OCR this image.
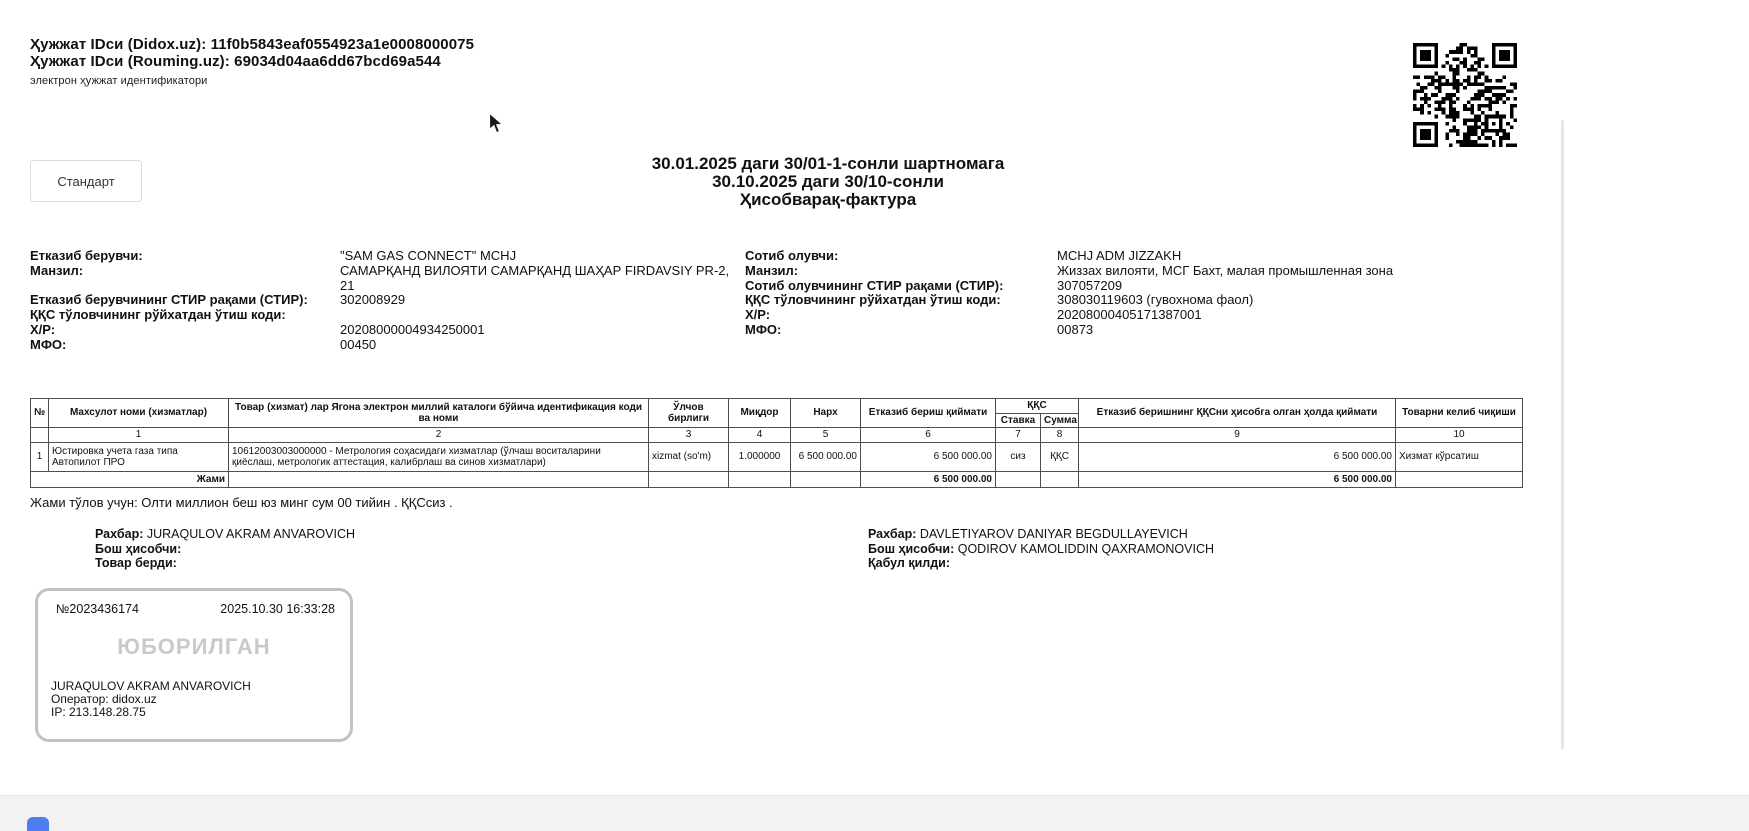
Ҳужжат IDси (Didox.uz): 11f0b5843eaf0554923a1e0008000075
Ҳужжат IDси (Rouming.uz): 69034d04aa6dd67bcd69a544
электрон ҳужжат идентификатори
Стандарт
30.01.2025 даги 30/01-1-сонли шартномага
30.10.2025 даги 30/10-сонли
Ҳисобварақ-фактура
Етказиб берувчи:	"SAM GAS CONNECT" MCHJ
Манзил:	САМАРҚАНД ВИЛОЯТИ САМАРҚАНД ШАҲАР FIRDAVSIY PR-2, 21
Етказиб берувчининг СТИР рақами (СТИР):	302008929
ҚҚС тўловчининг рўйхатдан ўтиш коди:
Х/Р:	20208000004934250001
МФО:	00450
Сотиб олувчи:	MCHJ ADM JIZZAKH
Манзил:	Жиззах вилояти, МСГ Бахт, малая промышленная зона
Сотиб олувчининг СТИР рақами (СТИР):	307057209
ҚҚС тўловчининг рўйхатдан ўтиш коди:	308030119603 (гувохнома фаол)
Х/Р:	20208000405171387001
МФО:	00873
№	Махсулот номи (хизматлар)	Товар (хизмат) лар Ягона электрон миллий каталоги бўйича идентификация коди ва номи	Ўлчов бирлиги	Миқдор	Нарх	Етказиб бериш қиймати	ҚҚС		Етказиб беришнинг ҚҚСни ҳисобга олган ҳолда қиймати	Товарни келиб чиқиши
							Ставка	Сумма		
	1	2	3	4	5	6	7	8	9	10
1	Юстировка учета газа типа Автопилот ПРО	10612003003000000 - Метрология соҳасидаги хизматлар (ўлчаш воситаларини қиёслаш, метрологик аттестация, калибрлаш ва синов хизматлари)	xizmat (so'm)	1.000000	6 500 000.00	6 500 000.00	сиз	ҚҚС	6 500 000.00	Хизмат кўрсатиш
Жами						6 500 000.00			6 500 000.00	
Жами тўлов учун: Олти миллион беш юз минг сум 00 тийин . ҚҚСсиз .
Рахбар: JURAQULOV AKRAM ANVAROVICH
Бош ҳисобчи:
Товар берди:
Рахбар: DAVLETIYAROV DANIYAR BEGDULLAYEVICH
Бош ҳисобчи: QODIROV KAMOLIDDIN QAXRAMONOVICH
Қабул қилди:
№2023436174	2025.10.30 16:33:28
ЮБОРИЛГАН
JURAQULOV AKRAM ANVAROVICH
Оператор: didox.uz
IP: 213.148.28.75
